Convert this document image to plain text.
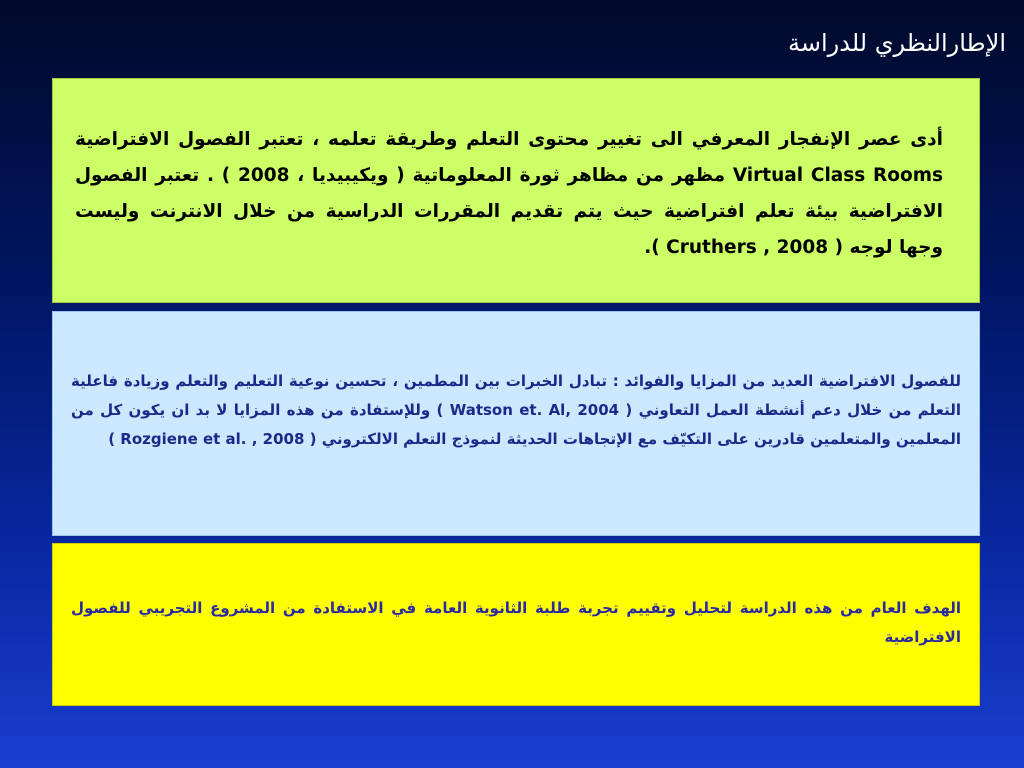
الإطارالنظري للدراسة

أدى عصر الإنفجار المعرفي الى تغيير محتوى التعلم وطريقة تعلمه ، تعتبر الفصول الافتراضية Virtual Class Rooms مظهر من مظاهر ثورة المعلوماتية ( ويكيبيديا ، 2008 ) . تعتبر الفصول الافتراضية بيئة تعلم افتراضية حيث يتم تقديم المقررات الدراسية من خلال الانترنت وليست وجها لوجه ( Cruthers , 2008 ).

للفصول الافتراضية العديد من المزايا والفوائد : تبادل الخبرات بين المطمين ، تحسين نوعية التعليم والتعلم وزيادة فاعلية التعلم من خلال دعم أنشطة العمل التعاوني ( Watson et. Al, 2004 ) وللإستفادة من هذه المزايا لا بد ان يكون كل من المعلمين والمتعلمين قادرين على التكيّف مع الإتجاهات الحديثة لنموذج التعلم الالكتروني ( Rozgiene et al. , 2008 )

الهدف العام من هذه الدراسة لتحليل وتقييم تجربة طلبة الثانوية العامة في الاستفادة من المشروع التجريبي للفصول الافتراضية
